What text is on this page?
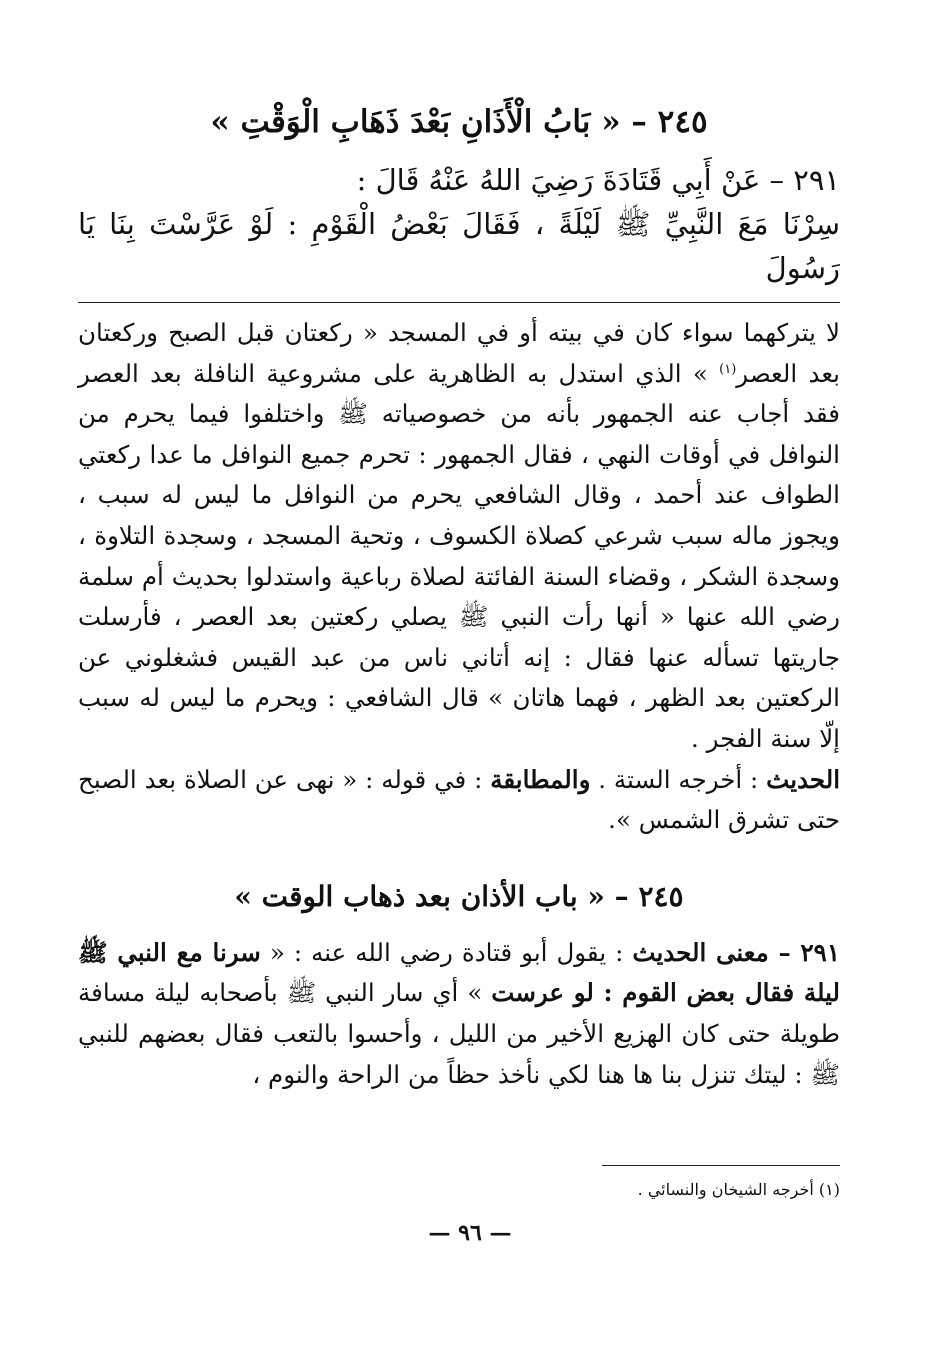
٢٤٥ – « بَابُ الْأَذَانِ بَعْدَ ذَهَابِ الْوَقْتِ »

٢٩١ – عَنْ أَبِي قَتَادَةَ رَضِيَ اللهُ عَنْهُ قَالَ :

سِرْنَا مَعَ النَّبِيِّ ﷺ لَيْلَةً ، فَقَالَ بَعْضُ الْقَوْمِ : لَوْ عَرَّسْتَ بِنَا يَا رَسُولَ

لا يتركهما سواء كان في بيته أو في المسجد « ركعتان قبل الصبح وركعتان بعد العصر$^{(١)}$ » الذي استدل به الظاهرية على مشروعية النافلة بعد العصر فقد أجاب عنه الجمهور بأنه من خصوصياته ﷺ واختلفوا فيما يحرم من النوافل في أوقات النهي ، فقال الجمهور : تحرم جميع النوافل ما عدا ركعتي الطواف عند أحمد ، وقال الشافعي يحرم من النوافل ما ليس له سبب ، ويجوز ماله سبب شرعي كصلاة الكسوف ، وتحية المسجد ، وسجدة التلاوة ، وسجدة الشكر ، وقضاء السنة الفائتة لصلاة رباعية واستدلوا بحديث أم سلمة رضي الله عنها « أنها رأت النبي ﷺ يصلي ركعتين بعد العصر ، فأرسلت جاريتها تسأله عنها فقال : إنه أتاني ناس من عبد القيس فشغلوني عن الركعتين بعد الظهر ، فهما هاتان » قال الشافعي : ويحرم ما ليس له سبب إلّا سنة الفجر .
الحديث : أخرجه الستة . والمطابقة : في قوله : « نهى عن الصلاة بعد الصبح حتى تشرق الشمس ».

٢٤٥ – « باب الأذان بعد ذهاب الوقت »

٢٩١ – معنى الحديث : يقول أبو قتادة رضي الله عنه : « سرنا مع النبي ﷺ ليلة فقال بعض القوم : لو عرست » أي سار النبي ﷺ بأصحابه ليلة مسافة طويلة حتى كان الهزيع الأخير من الليل ، وأحسوا بالتعب فقال بعضهم للنبي ﷺ : ليتك تنزل بنا ها هنا لكي نأخذ حظاً من الراحة والنوم ،

(١) أخرجه الشيخان والنسائي .
— ٩٦ —
